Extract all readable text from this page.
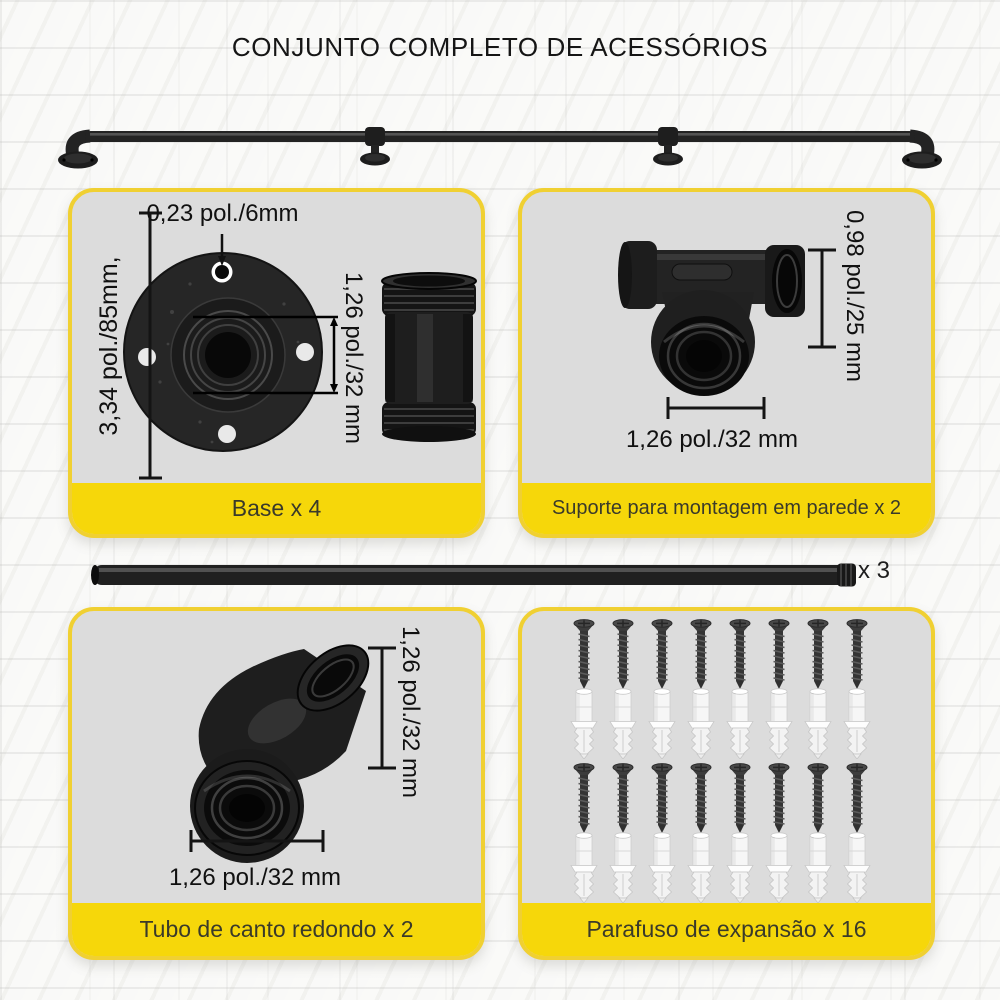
CONJUNTO COMPLETO DE ACESSÓRIOS
0,23 pol./6mm
3,34 pol./85mm,	1,26 pol./32 mm
Base x 4
0,98 pol./25 mm
1,26 pol./32 mm
Suporte para montagem em parede x 2
x 3
1,26 pol./32 mm
1,26 pol./32 mm
Tubo de canto redondo x 2	Parafuso de expansão x 16
